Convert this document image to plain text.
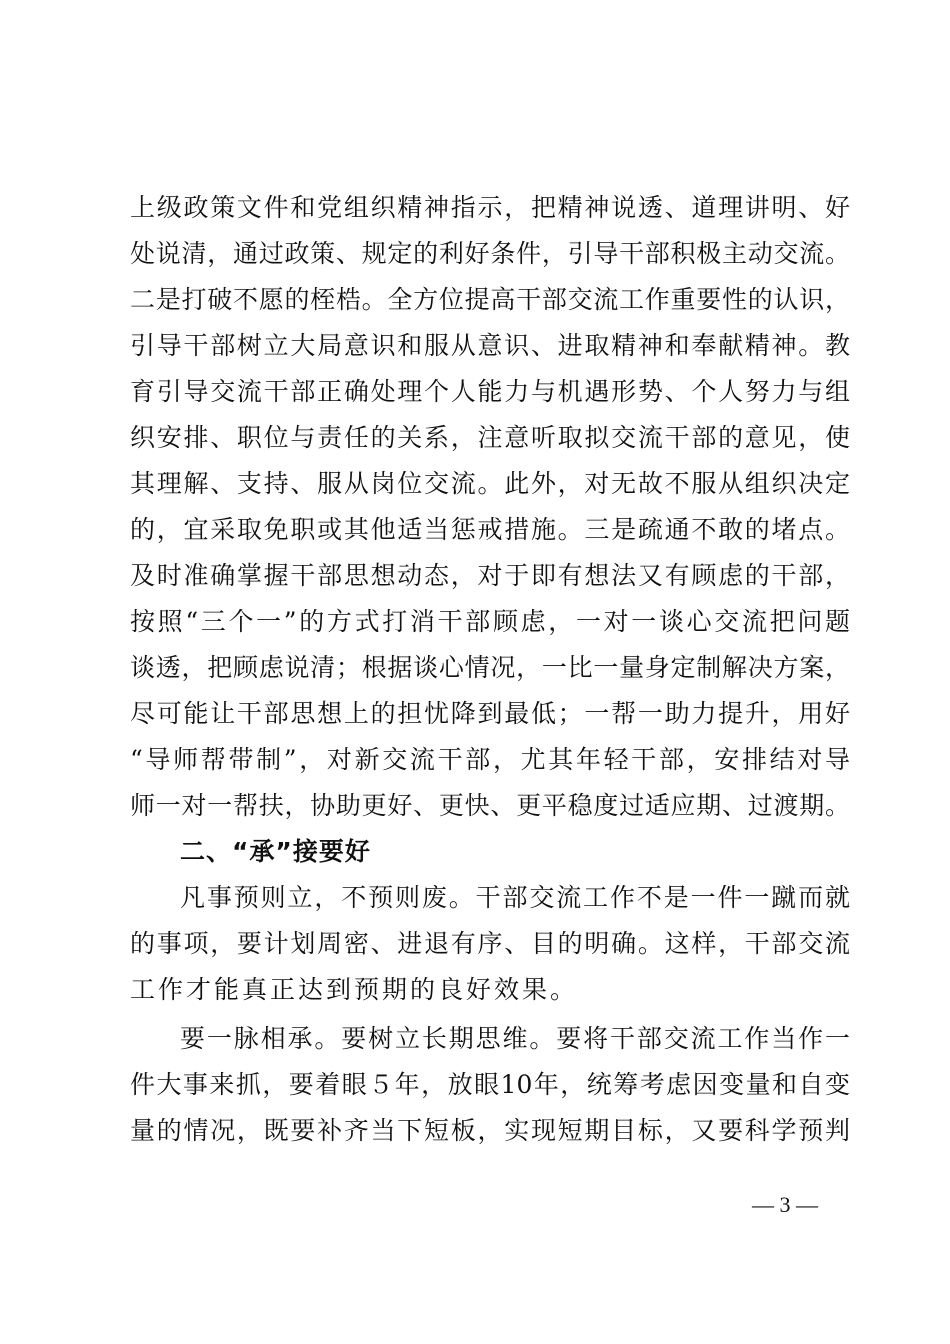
上级政策文件和党组织精神指示，把精神说透、道理讲明、好
处说清，通过政策、规定的利好条件，引导干部积极主动交流。
二是打破不愿的桎梏。全方位提高干部交流工作重要性的认识，
引导干部树立大局意识和服从意识、进取精神和奉献精神。教
育引导交流干部正确处理个人能力与机遇形势、个人努力与组
织安排、职位与责任的关系，注意听取拟交流干部的意见，使
其理解、支持、服从岗位交流。此外，对无故不服从组织决定
的，宜采取免职或其他适当惩戒措施。三是疏通不敢的堵点。
及时准确掌握干部思想动态，对于即有想法又有顾虑的干部，
按照“三个一”的方式打消干部顾虑，一对一谈心交流把问题
谈透，把顾虑说清；根据谈心情况，一比一量身定制解决方案，
尽可能让干部思想上的担忧降到最低；一帮一助力提升，用好
“导师帮带制”，对新交流干部，尤其年轻干部，安排结对导
师一对一帮扶，协助更好、更快、更平稳度过适应期、过渡期。
二、“承”接要好
凡事预则立，不预则废。干部交流工作不是一件一蹴而就
的事项，要计划周密、进退有序、目的明确。这样，干部交流
工作才能真正达到预期的良好效果。
要一脉相承。要树立长期思维。要将干部交流工作当作一
件大事来抓，要着眼５年，放眼10年，统筹考虑因变量和自变
量的情况，既要补齐当下短板，实现短期目标，又要科学预判
— 3 —
